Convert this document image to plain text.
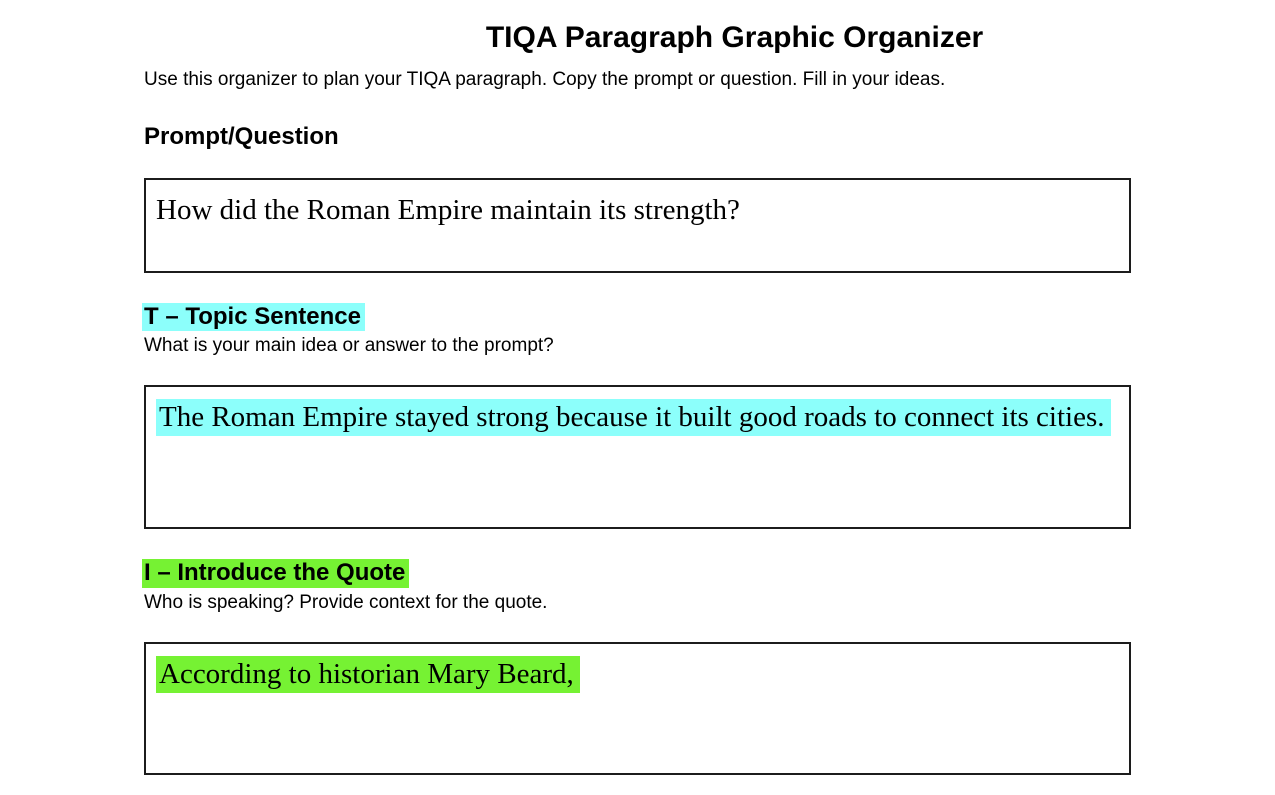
TIQA Paragraph Graphic Organizer

Use this organizer to plan your TIQA paragraph. Copy the prompt or question. Fill in your ideas.

Prompt/Question
How did the Roman Empire maintain its strength?
T – Topic Sentence

What is your main idea or answer to the prompt?

The Roman Empire stayed strong because it built good roads to connect its cities.
I – Introduce the Quote

Who is speaking? Provide context for the quote.

According to historian Mary Beard,
